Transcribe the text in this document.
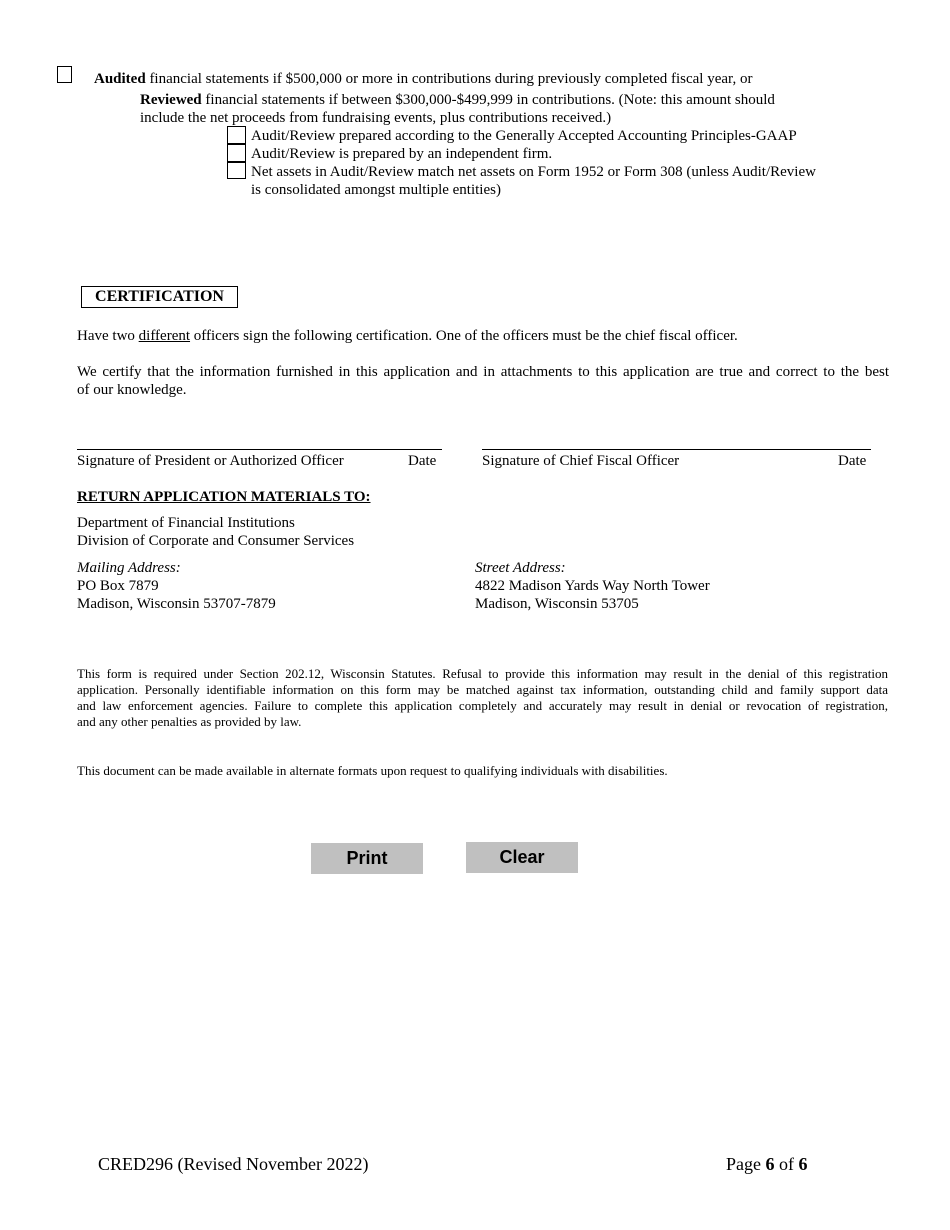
Audited financial statements if $500,000 or more in contributions during previously completed fiscal year, or
Reviewed financial statements if between $300,000-$499,999 in contributions. (Note: this amount should
include the net proceeds from fundraising events, plus contributions received.)
Audit/Review prepared according to the Generally Accepted Accounting Principles-GAAP
Audit/Review is prepared by an independent firm.
Net assets in Audit/Review match net assets on Form 1952 or Form 308 (unless Audit/Review
is consolidated amongst multiple entities)
CERTIFICATION
Have two different officers sign the following certification. One of the officers must be the chief fiscal officer.
We certify that the information furnished in this application and in attachments to this application are true and correct to the best
of our knowledge.
Signature of President or Authorized Officer	Date	Signature of Chief Fiscal Officer	Date
RETURN APPLICATION MATERIALS TO:
Department of Financial Institutions
Division of Corporate and Consumer Services
Mailing Address:
PO Box 7879
Madison, Wisconsin 53707-7879
Street Address:
4822 Madison Yards Way North Tower
Madison, Wisconsin 53705
This form is required under Section 202.12, Wisconsin Statutes. Refusal to provide this information may result in the denial of this registration
application. Personally identifiable information on this form may be matched against tax information, outstanding child and family support data
and law enforcement agencies. Failure to complete this application completely and accurately may result in denial or revocation of registration,
and any other penalties as provided by law.
This document can be made available in alternate formats upon request to qualifying individuals with disabilities.
Print	Clear
CRED296 (Revised November 2022)	Page 6 of 6
